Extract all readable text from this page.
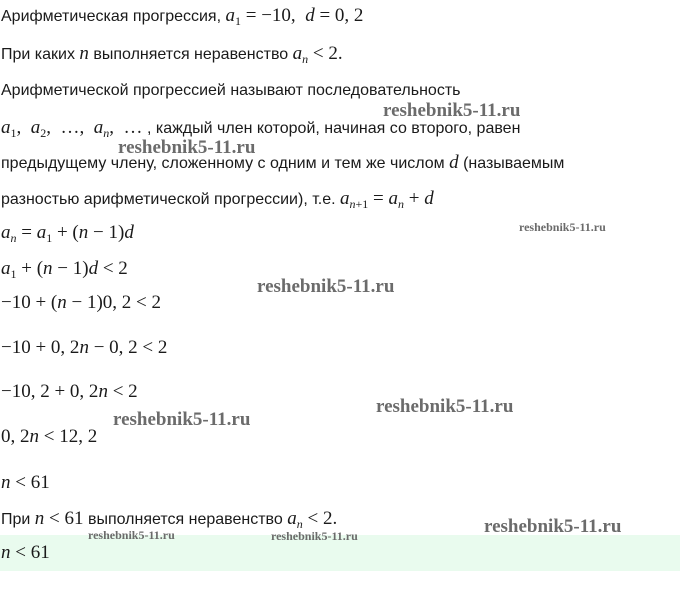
Арифметическая прогрессия, $a_1 = -10$,  d = 0, 2
При каких n выполняется неравенство $a_n < 2$.
Арифметической прогрессией называют последовательность
$a_1$,  $a_2$,  …,  $a_n$,  … , каждый член которой, начиная со второго, равен
предыдущему члену, сложенному с одним и тем же числом d (называемым
разностью арифметической прогрессии), т.е. $a_{n+1} = a_n + d$
$a_n = a_1 + (n - 1)d$
$a_1 + (n - 1)d < 2$
−10 + (n − 1)0, 2 < 2
−10 + 0, 2n − 0, 2 < 2
−10, 2 + 0, 2n < 2
0, 2n < 12, 2
n < 61
При n < 61 выполняется неравенство $a_n < 2$.
n < 61
reshebnik5-11.ru
reshebnik5-11.ru
reshebnik5-11.ru
reshebnik5-11.ru
reshebnik5-11.ru
reshebnik5-11.ru
reshebnik5-11.ru
reshebnik5-11.ru	reshebnik5-11.ru
